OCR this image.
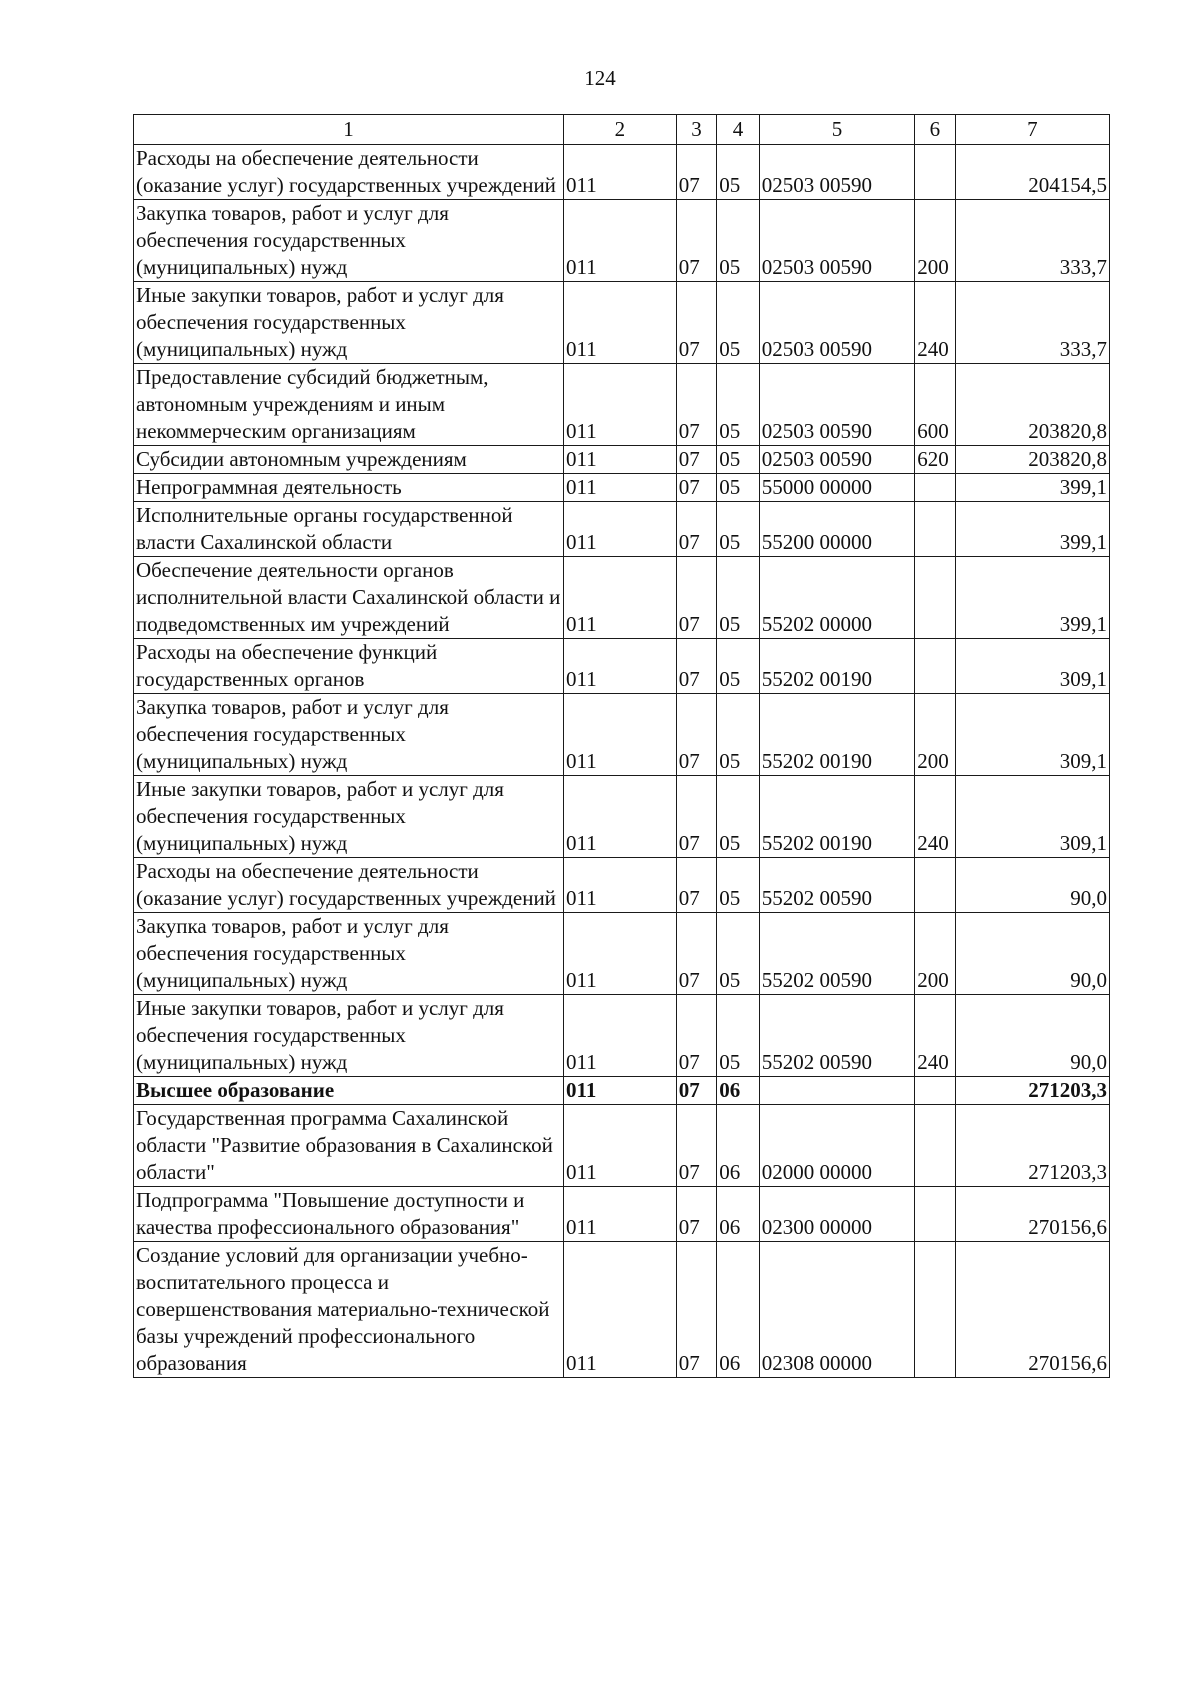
124
1	2	3	4	5	6	7
Расходы на обеспечение деятельности (оказание услуг) государственных учреждений	011	07	05	02503 00590		204154,5
Закупка товаров, работ и услуг для обеспечения государственных (муниципальных) нужд	011	07	05	02503 00590	200	333,7
Иные закупки товаров, работ и услуг для обеспечения государственных (муниципальных) нужд	011	07	05	02503 00590	240	333,7
Предоставление субсидий бюджетным, автономным учреждениям и иным некоммерческим организациям	011	07	05	02503 00590	600	203820,8
Субсидии автономным учреждениям	011	07	05	02503 00590	620	203820,8
Непрограммная деятельность	011	07	05	55000 00000		399,1
Исполнительные органы государственной власти Сахалинской области	011	07	05	55200 00000		399,1
Обеспечение деятельности органов исполнительной власти Сахалинской области и подведомственных им учреждений	011	07	05	55202 00000		399,1
Расходы на обеспечение функций государственных органов	011	07	05	55202 00190		309,1
Закупка товаров, работ и услуг для обеспечения государственных (муниципальных) нужд	011	07	05	55202 00190	200	309,1
Иные закупки товаров, работ и услуг для обеспечения государственных (муниципальных) нужд	011	07	05	55202 00190	240	309,1
Расходы на обеспечение деятельности (оказание услуг) государственных учреждений	011	07	05	55202 00590		90,0
Закупка товаров, работ и услуг для обеспечения государственных (муниципальных) нужд	011	07	05	55202 00590	200	90,0
Иные закупки товаров, работ и услуг для обеспечения государственных (муниципальных) нужд	011	07	05	55202 00590	240	90,0
Высшее образование	011	07	06			271203,3
Государственная программа Сахалинской области "Развитие образования в Сахалинской области"	011	07	06	02000 00000		271203,3
Подпрограмма "Повышение доступности и качества профессионального образования"	011	07	06	02300 00000		270156,6
Создание условий для организации учебно-воспитательного процесса и совершенствования материально-технической базы учреждений профессионального образования	011	07	06	02308 00000		270156,6
